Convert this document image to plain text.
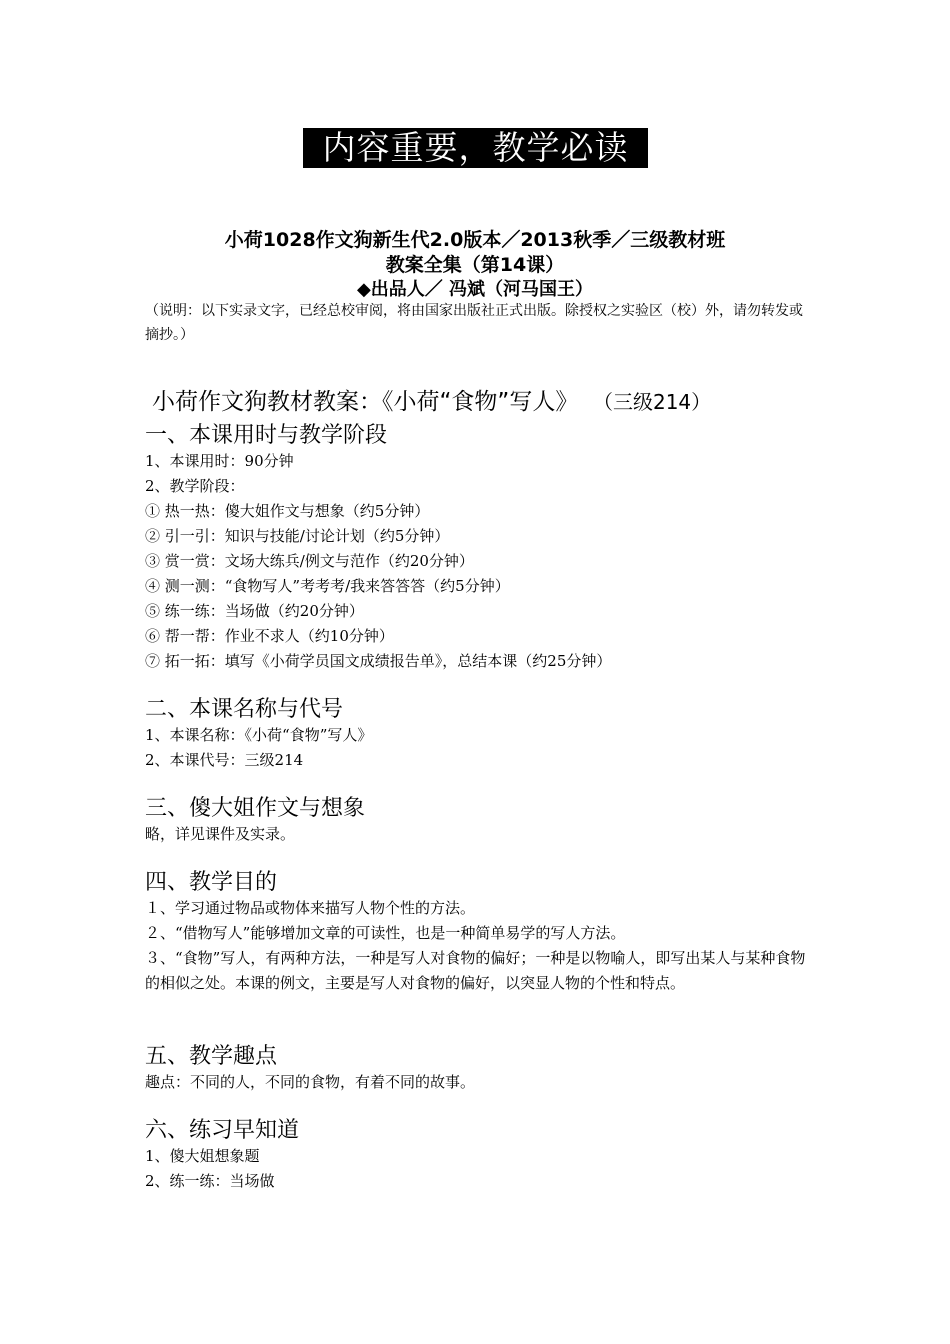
内容重要，教学必读
小荷1028作文狗新生代2.0版本／2013秋季／三级教材班
教案全集（第14课）
◆出品人／ 冯斌（河马国王）
（说明：以下实录文字，已经总校审阅，将由国家出版社正式出版。除授权之实验区（校）外，请勿转发或摘抄。）
小荷作文狗教材教案：《小荷“食物”写人》 （三级214）
一、本课用时与教学阶段
1、本课用时：90分钟
2、教学阶段：
① 热一热：傻大姐作文与想象（约5分钟）
② 引一引：知识与技能/讨论计划（约5分钟）
③ 赏一赏：文场大练兵/例文与范作（约20分钟）
④ 测一测：“食物写人”考考考/我来答答答（约5分钟）
⑤ 练一练：当场做（约20分钟）
⑥ 帮一帮：作业不求人（约10分钟）
⑦ 拓一拓：填写《小荷学员国文成绩报告单》，总结本课（约25分钟）
二、本课名称与代号
1、本课名称：《小荷“食物”写人》
2、本课代号：三级214
三、傻大姐作文与想象
略，详见课件及实录。
四、教学目的
１、学习通过物品或物体来描写人物个性的方法。
２、“借物写人”能够增加文章的可读性，也是一种简单易学的写人方法。
３、“食物”写人，有两种方法，一种是写人对食物的偏好；一种是以物喻人，即写出某人与某种食物的相似之处。本课的例文，主要是写人对食物的偏好，以突显人物的个性和特点。
五、教学趣点
趣点：不同的人，不同的食物，有着不同的故事。
六、练习早知道
1、傻大姐想象题
2、练一练：当场做
